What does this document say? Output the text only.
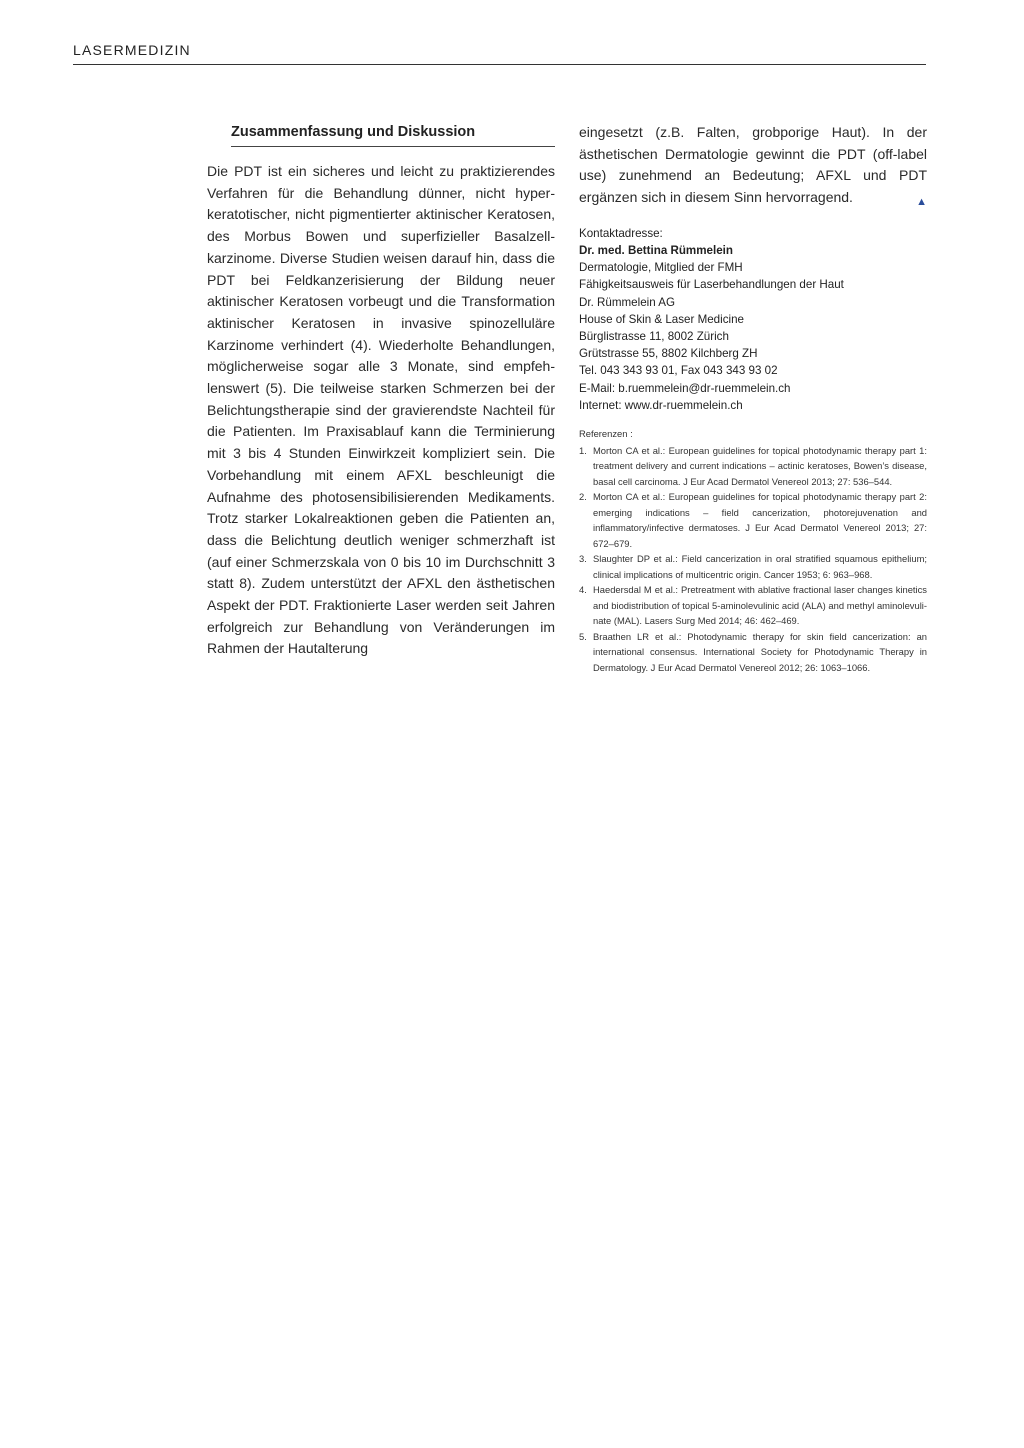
LASERMEDIZIN
Zusammenfassung und Diskussion
Die PDT ist ein sicheres und leicht zu praktizierendes Verfahren für die Behandlung dünner, nicht hyperkeratotischer, nicht pigmentierter aktinischer Keratosen, des Morbus Bowen und superfizieller Basalzellkarzinome. Diverse Studien weisen darauf hin, dass die PDT bei Feldkanzerisierung der Bildung neuer aktinischer Keratosen vorbeugt und die Transformation aktinischer Keratosen in invasive spinozelluläre Karzinome verhindert (4). Wiederholte Behandlungen, möglicherweise sogar alle 3 Monate, sind empfehlenswert (5). Die teilweise starken Schmerzen bei der Belichtungstherapie sind der gravierendste Nachteil für die Patienten. Im Praxisablauf kann die Terminierung mit 3 bis 4 Stunden Einwirkzeit kompliziert sein. Die Vorbehandlung mit einem AFXL beschleunigt die Aufnahme des photosensibilisierenden Medikaments. Trotz starker Lokalreaktionen geben die Patienten an, dass die Belichtung deutlich weniger schmerzhaft ist (auf einer Schmerzskala von 0 bis 10 im Durchschnitt 3 statt 8). Zudem unterstützt der AFXL den ästhetischen Aspekt der PDT. Fraktionierte Laser werden seit Jahren erfolgreich zur Behandlung von Veränderungen im Rahmen der Hautalterung
eingesetzt (z.B. Falten, grobporige Haut). In der ästhetischen Dermatologie gewinnt die PDT (off-label use) zunehmend an Bedeutung; AFXL und PDT ergänzen sich in diesem Sinn hervorragend.	▲
Kontaktadresse:
Dr. med. Bettina Rümmelein
Dermatologie, Mitglied der FMH
Fähigkeitsausweis für Laserbehandlungen der Haut
Dr. Rümmelein AG
House of Skin & Laser Medicine
Bürglistrasse 11, 8002 Zürich
Grütstrasse 55, 8802 Kilchberg ZH
Tel. 043 343 93 01, Fax 043 343 93 02
E-Mail: b.ruemmelein@dr-ruemmelein.ch
Internet: www.dr-ruemmelein.ch
Referenzen :
1. Morton CA et al.: European guidelines for topical photodynamic therapy part 1: treatment delivery and current indications – actinic keratoses, Bowen’s disease, basal cell carcinoma. J Eur Acad Dermatol Venereol 2013; 27: 536–544.
2. Morton CA et al.: European guidelines for topical photodynamic therapy part 2: emerging indications – field cancerization, photorejuvenation and inflammatory/infective dermatoses. J Eur Acad Dermatol Venereol 2013; 27: 672–679.
3. Slaughter DP et al.: Field cancerization in oral stratified squamous epithelium; clinical implications of multicentric origin. Cancer 1953; 6: 963–968.
4. Haedersdal M et al.: Pretreatment with ablative fractional laser changes kinetics and biodistribution of topical 5-aminolevulinic acid (ALA) and methyl aminolevulinate (MAL). Lasers Surg Med 2014; 46: 462–469.
5. Braathen LR et al.: Photodynamic therapy for skin field cancerization: an international consensus. International Society for Photodynamic Therapy in Dermatology. J Eur Acad Dermatol Venereol 2012; 26: 1063–1066.
